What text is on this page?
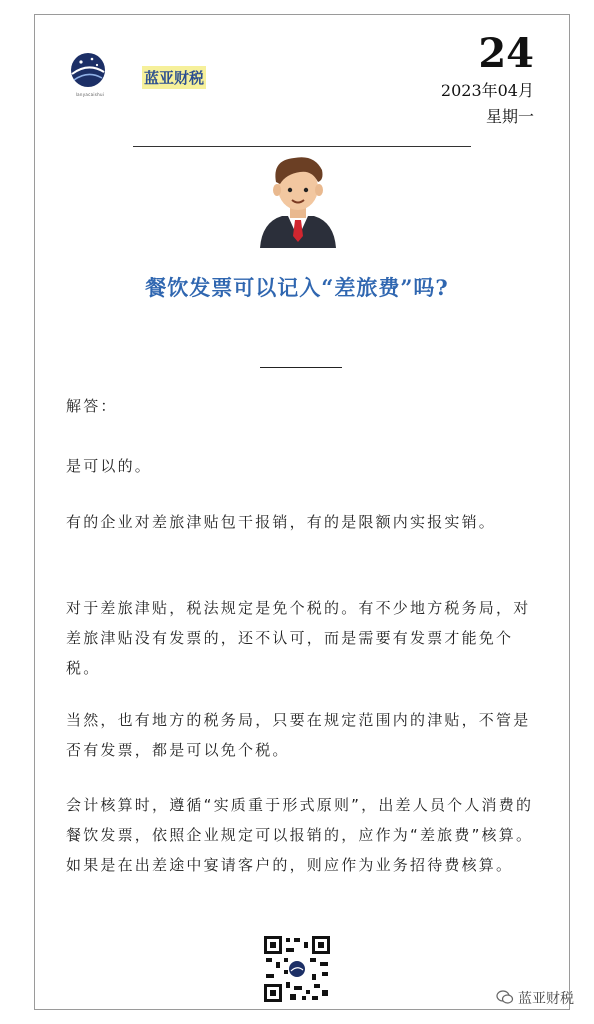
lanyacaishui
蓝亚财税
24
2023年04月
星期一
餐饮发票可以记入“差旅费”吗?
解答：
是可以的。
有的企业对差旅津贴包干报销，有的是限额内实报实销。
对于差旅津贴，税法规定是免个税的。有不少地方税务局，对差旅津贴没有发票的，还不认可，而是需要有发票才能免个税。
当然，也有地方的税务局，只要在规定范围内的津贴，不管是否有发票，都是可以免个税。
会计核算时，遵循“实质重于形式原则”，出差人员个人消费的餐饮发票，依照企业规定可以报销的，应作为“差旅费”核算。如果是在出差途中宴请客户的，则应作为业务招待费核算。
蓝亚财税
